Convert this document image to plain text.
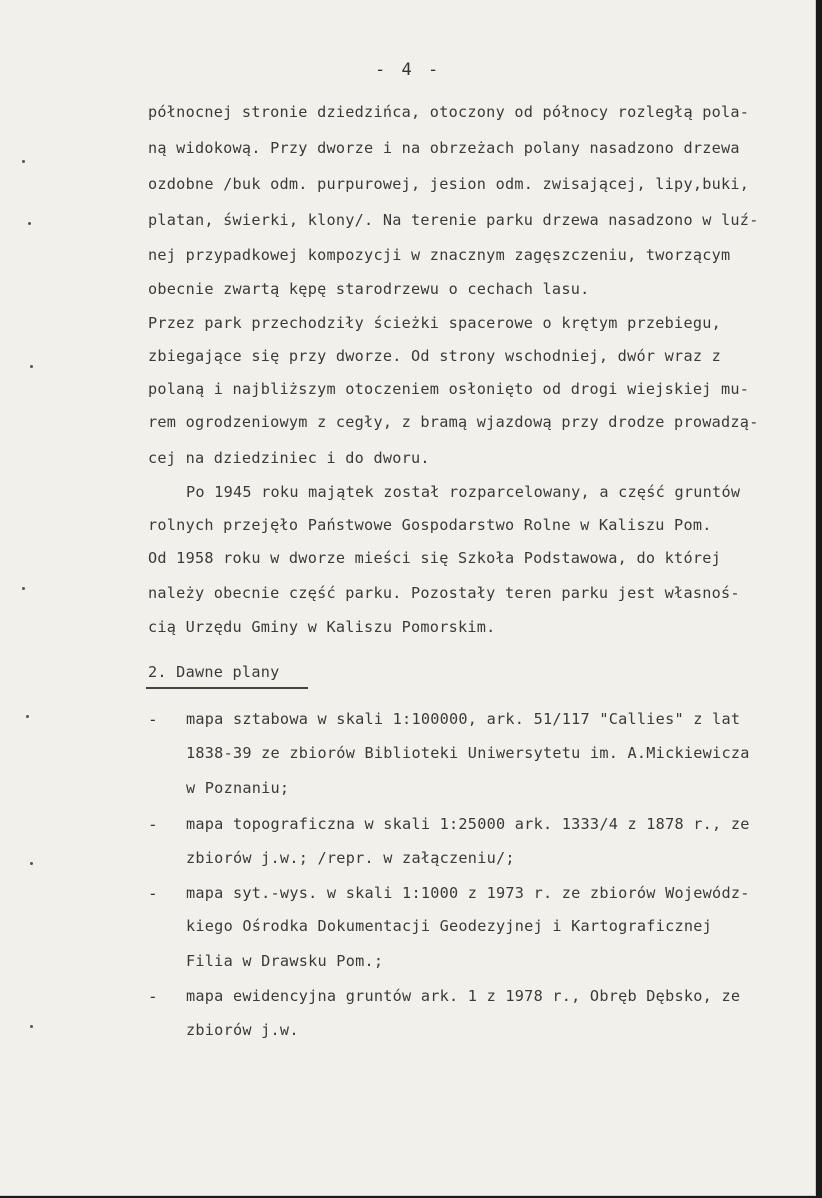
- 4 -
północnej stronie dziedzińca, otoczony od północy rozległą pola-
ną widokową. Przy dworze i na obrzeżach polany nasadzono drzewa
ozdobne /buk odm. purpurowej, jesion odm. zwisającej, lipy,buki,
platan, świerki, klony/. Na terenie parku drzewa nasadzono w luź-
nej przypadkowej kompozycji w znacznym zagęszczeniu, tworzącym
obecnie zwartą kępę starodrzewu o cechach lasu.
Przez park przechodziły ścieżki spacerowe o krętym przebiegu,
zbiegające się przy dworze. Od strony wschodniej, dwór wraz z
polaną i najbliższym otoczeniem osłonięto od drogi wiejskiej mu-
rem ogrodzeniowym z cegły, z bramą wjazdową przy drodze prowadzą-
cej na dziedziniec i do dworu.
Po 1945 roku majątek został rozparcelowany, a część gruntów
rolnych przejęło Państwowe Gospodarstwo Rolne w Kaliszu Pom.
Od 1958 roku w dworze mieści się Szkoła Podstawowa, do której
należy obecnie część parku. Pozostały teren parku jest własnoś-
cią Urzędu Gminy w Kaliszu Pomorskim.
2. Dawne plany
- mapa sztabowa w skali 1:100000, ark. 51/117 "Callies" z lat
1838-39 ze zbiorów Biblioteki Uniwersytetu im. A.Mickiewicza
w Poznaniu;
- mapa topograficzna w skali 1:25000 ark. 1333/4 z 1878 r., ze
zbiorów j.w.; /repr. w załączeniu/;
- mapa syt.-wys. w skali 1:1000 z 1973 r. ze zbiorów Wojewódz-
kiego Ośrodka Dokumentacji Geodezyjnej i Kartograficznej
Filia w Drawsku Pom.;
- mapa ewidencyjna gruntów ark. 1 z 1978 r., Obręb Dębsko, ze
zbiorów j.w.
